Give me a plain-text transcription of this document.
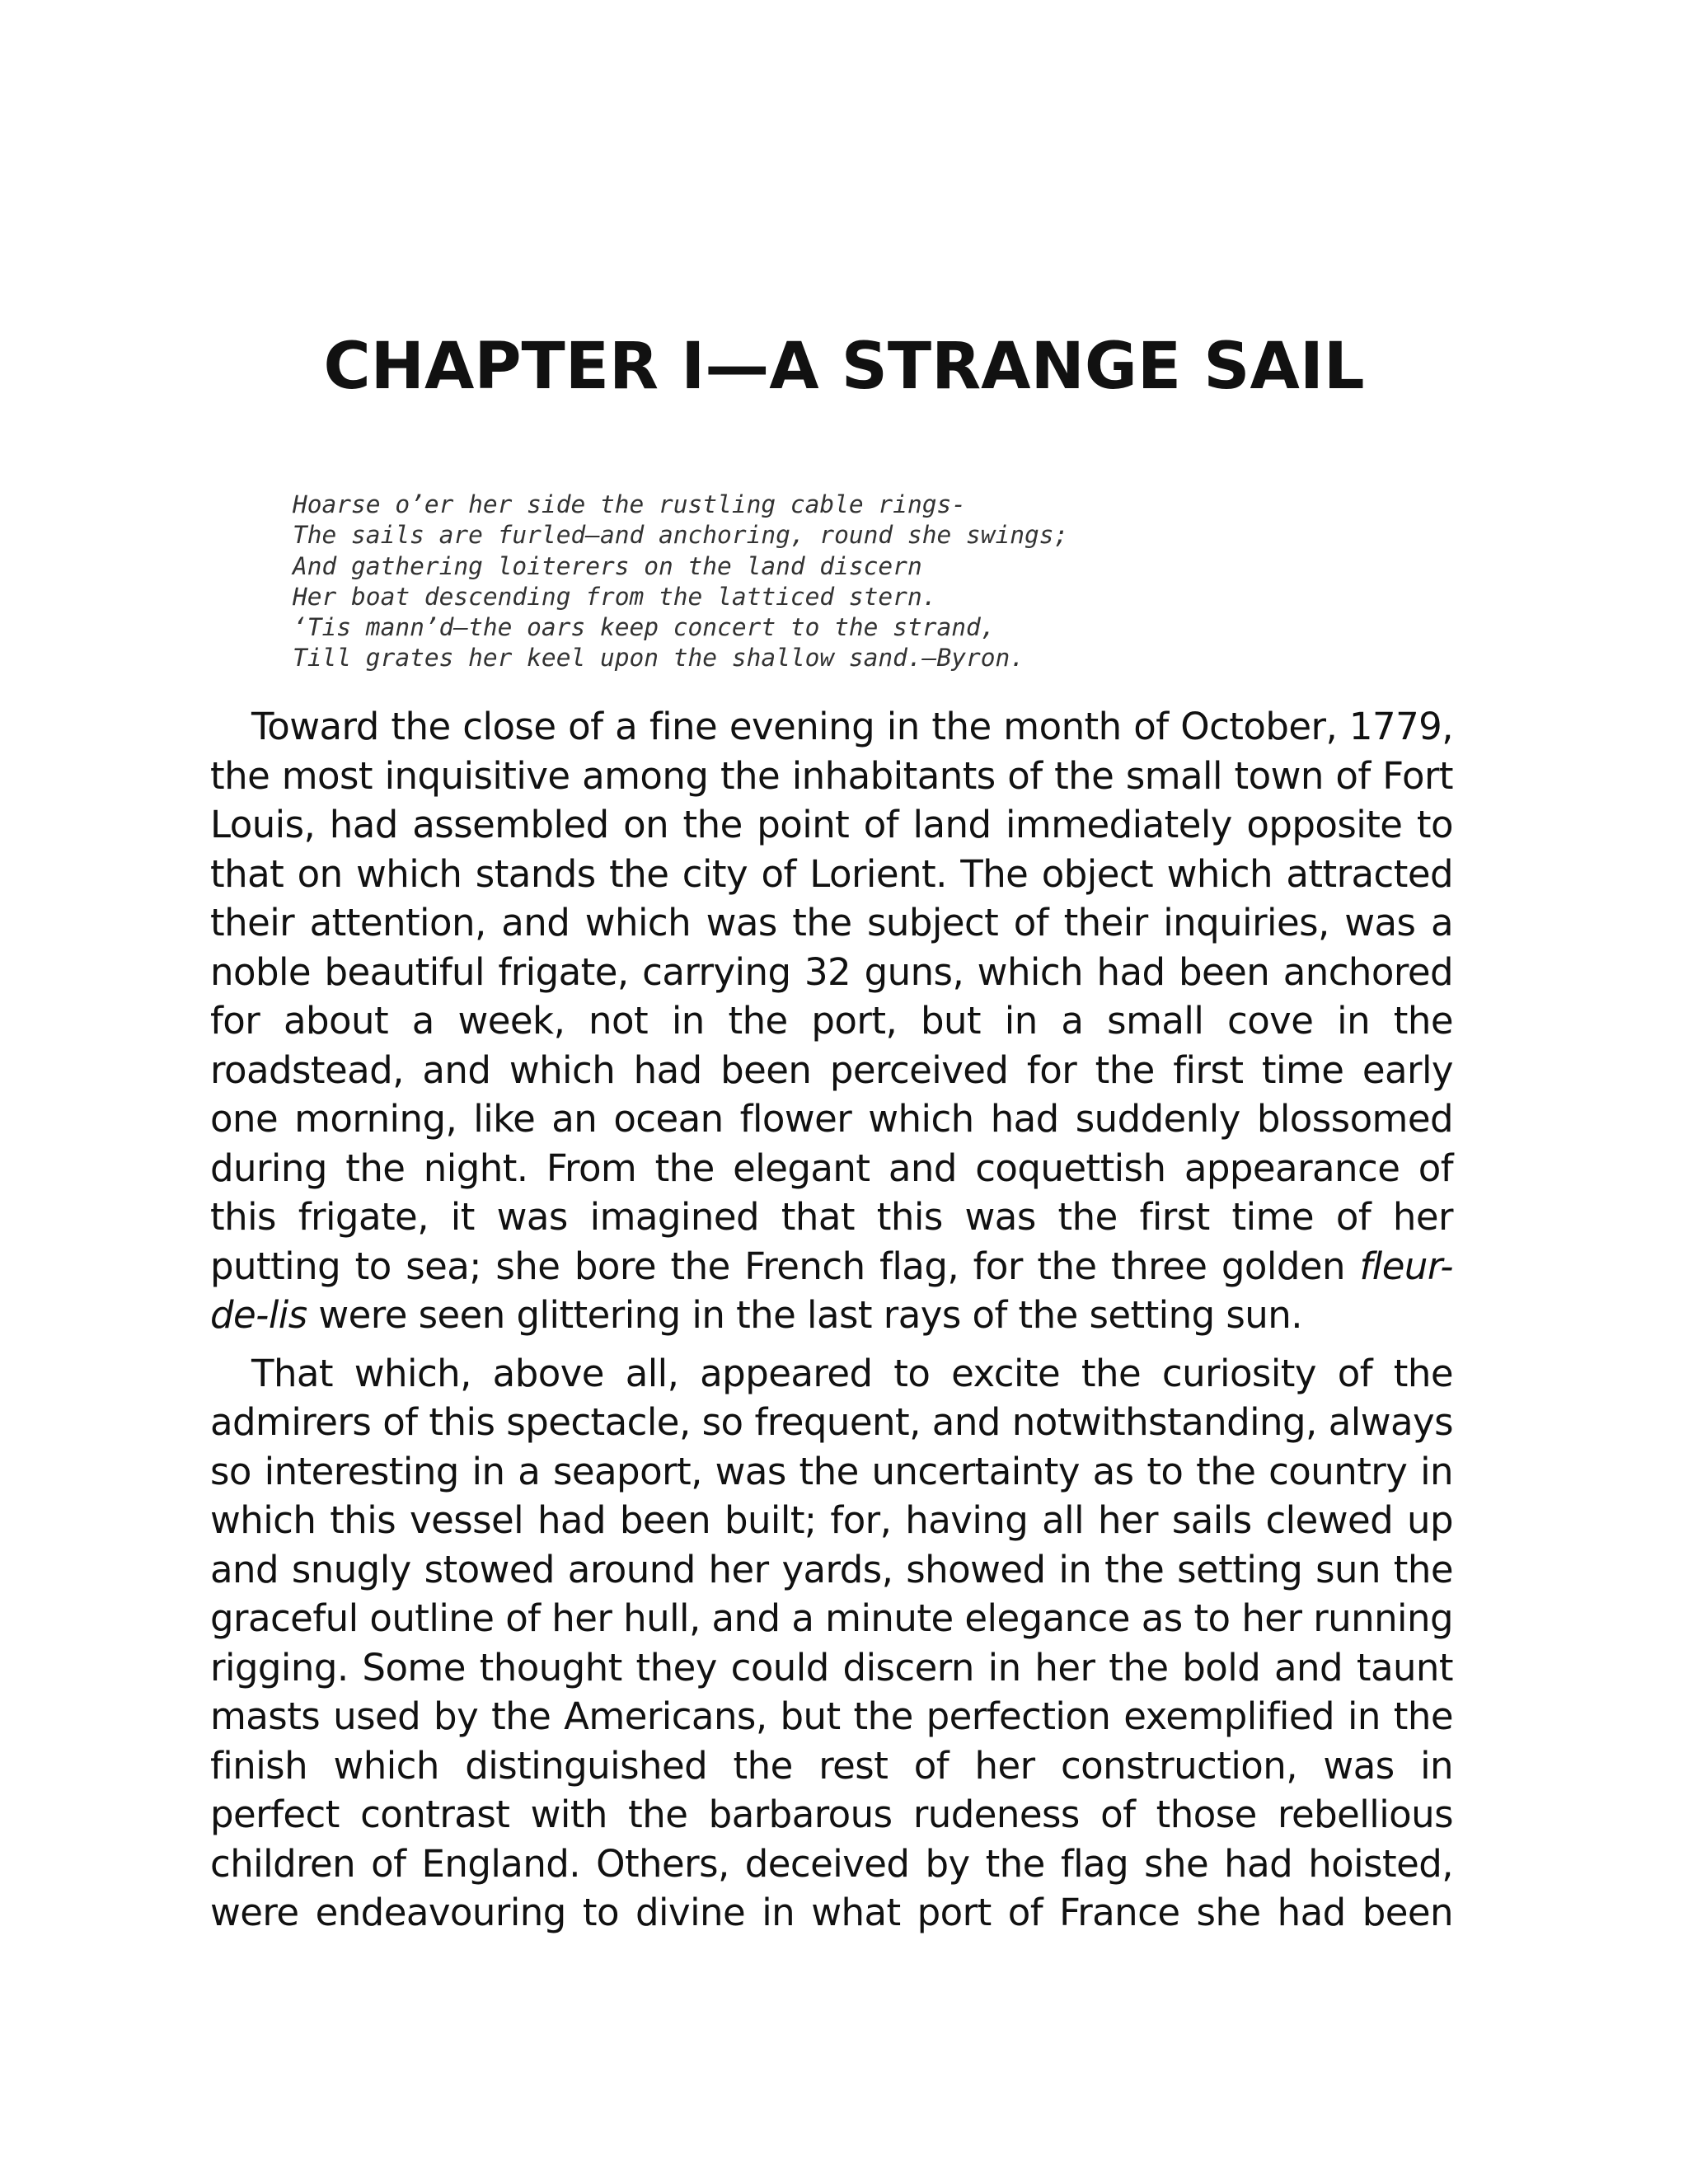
CHAPTER I—A STRANGE SAIL
Hoarse o’er her side the rustling cable rings-
The sails are furled—and anchoring, round she swings;
And gathering loiterers on the land discern
Her boat descending from the latticed stern.
‘Tis mann’d—the oars keep concert to the strand,
Till grates her keel upon the shallow sand.—Byron.

Toward the close of a fine evening in the month of October, 1779, the most inquisitive among the inhabitants of the small town of Fort Louis, had assembled on the point of land immediately opposite to that on which stands the city of Lorient. The object which attracted their attention, and which was the subject of their inquiries, was a noble beautiful frigate, carrying 32 guns, which had been anchored for about a week, not in the port, but in a small cove in the roadstead, and which had been perceived for the first time early one morning, like an ocean flower which had suddenly blossomed during the night. From the elegant and coquettish appearance of this frigate, it was imagined that this was the first time of her putting to sea; she bore the French flag, for the three golden fleur-de-lis were seen glittering in the last rays of the setting sun.

That which, above all, appeared to excite the curiosity of the admirers of this spectacle, so frequent, and notwithstanding, always so interesting in a seaport, was the uncertainty as to the country in which this vessel had been built; for, having all her sails clewed up and snugly stowed around her yards, showed in the setting sun the graceful outline of her hull, and a minute elegance as to her running rigging. Some thought they could discern in her the bold and taunt masts used by the Americans, but the perfection exemplified in the finish which distinguished the rest of her construction, was in perfect contrast with the barbarous rudeness of those rebellious children of England. Others, deceived by the flag she had hoisted, were endeavouring to divine in what port of France she had been
